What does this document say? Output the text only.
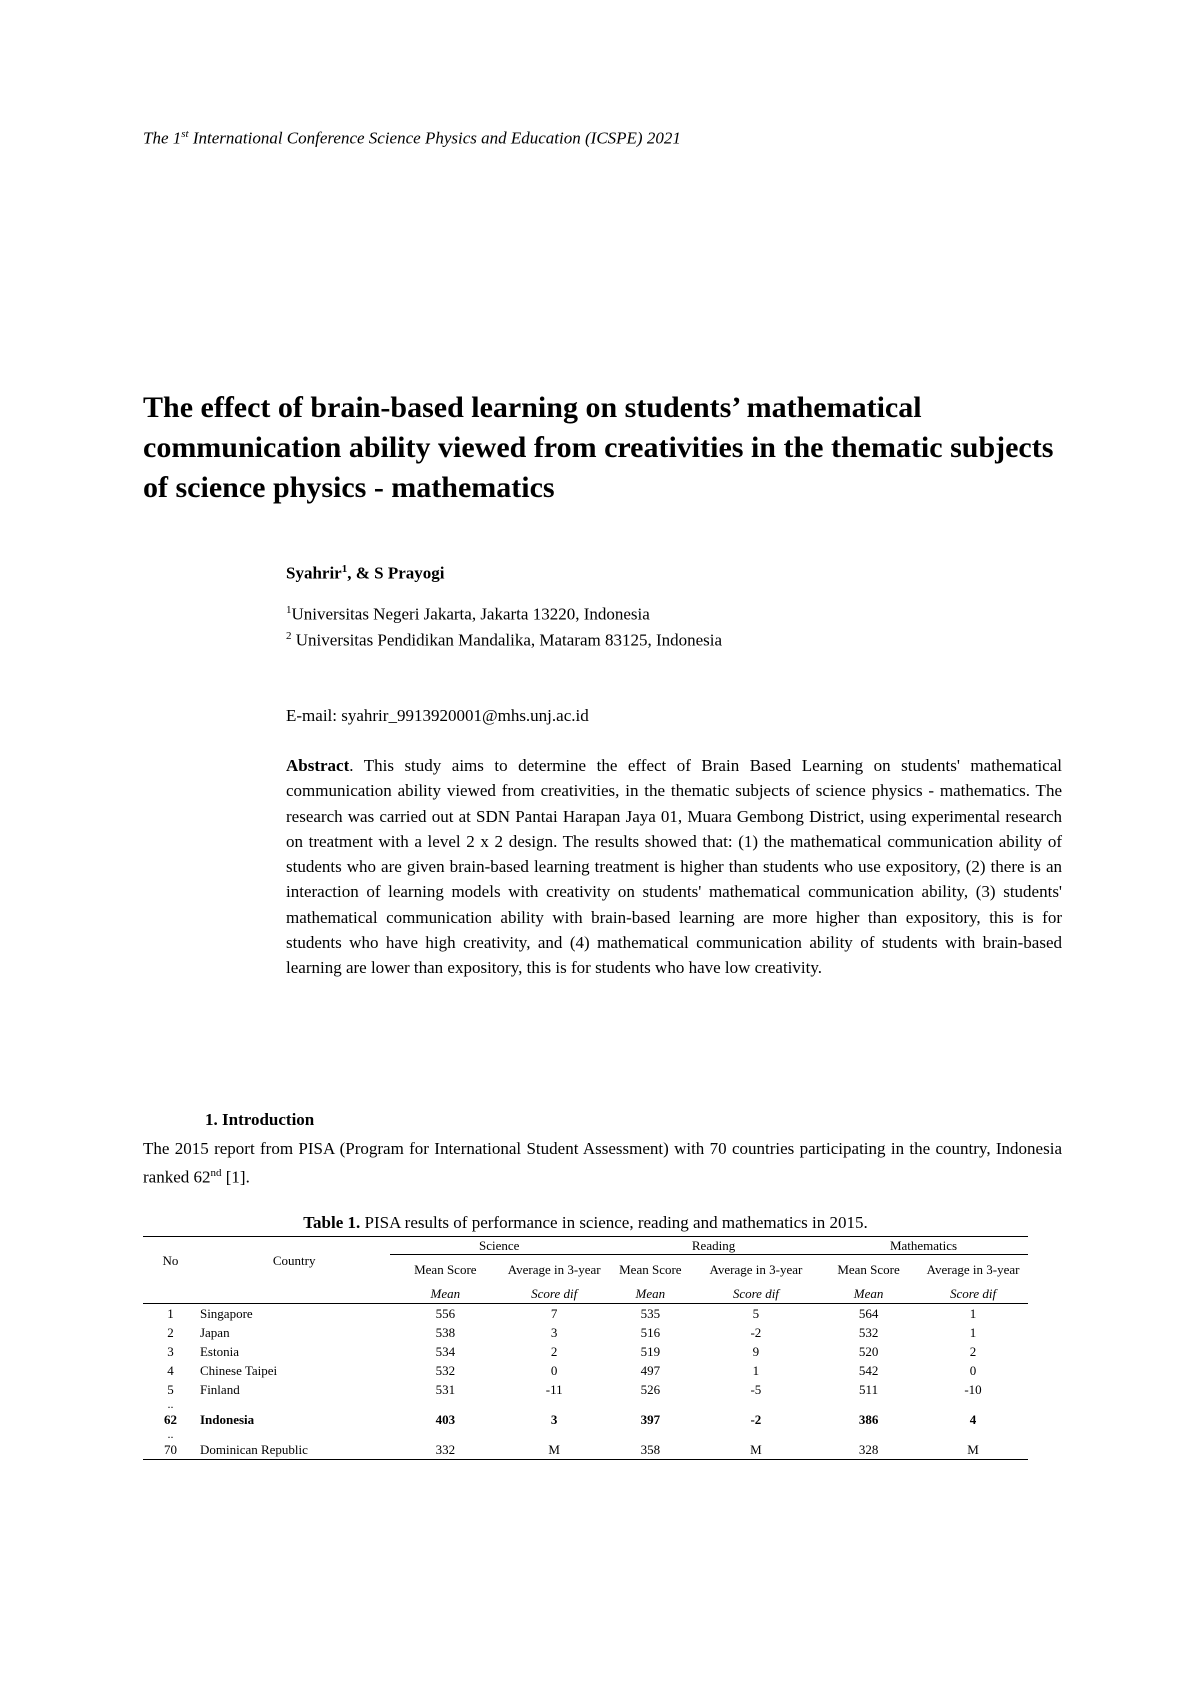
The 1st International Conference Science Physics and Education (ICSPE) 2021
The effect of brain-based learning on students’ mathematical communication ability viewed from creativities in the thematic subjects of science physics - mathematics
Syahrir$^1$, & S Prayogi
$^1$Universitas Negeri Jakarta, Jakarta 13220, Indonesia
$^2$ Universitas Pendidikan Mandalika, Mataram 83125, Indonesia
E-mail: syahrir_9913920001@mhs.unj.ac.id

Abstract. This study aims to determine the effect of Brain Based Learning on students' mathematical communication ability viewed from creativities, in the thematic subjects of science physics - mathematics. The research was carried out at SDN Pantai Harapan Jaya 01, Muara Gembong District, using experimental research on treatment with a level 2 x 2 design. The results showed that: (1) the mathematical communication ability of students who are given brain-based learning treatment is higher than students who use expository, (2) there is an interaction of learning models with creativity on students' mathematical communication ability, (3) students' mathematical communication ability with brain-based learning are more higher than expository, this is for students who have high creativity, and (4) mathematical communication ability of students with brain-based learning are lower than expository, this is for students who have low creativity.

1. Introduction

The 2015 report from PISA (Program for International Student Assessment) with 70 countries participating in the country, Indonesia ranked 62nd [1].

Table 1. PISA results of performance in science, reading and mathematics in 2015.
No	Country	Science		Reading		Mathematics	
		Mean Score	Average in 3-year	Mean Score	Average in 3-year	Mean Score	Average in 3-year
		Mean	Score dif	Mean	Score dif	Mean	Score dif
1	Singapore	556	7	535	5	564	1
2	Japan	538	3	516	-2	532	1
3	Estonia	534	2	519	9	520	2
4	Chinese Taipei	532	0	497	1	542	0
5	Finland	531	-11	526	-5	511	-10
..							
62	Indonesia	403	3	397	-2	386	4
..							
70	Dominican Republic	332	M	358	M	328	M
